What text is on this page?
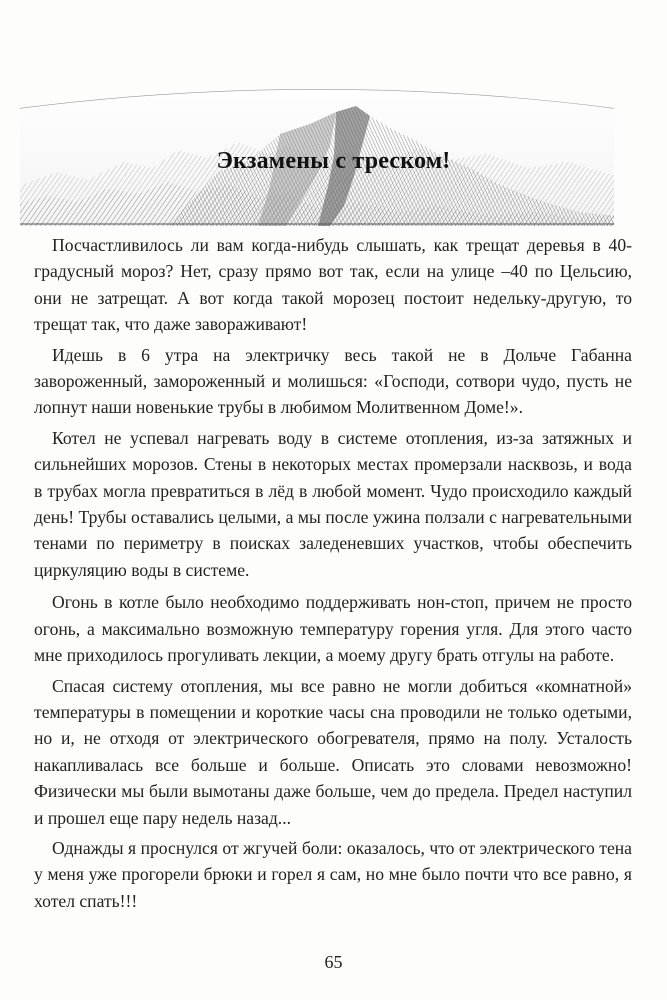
Экзамены с треском!

Посчастливилось ли вам когда-нибудь слышать, как трещат деревья в 40-градусный мороз? Нет, сразу прямо вот так, если на улице –40 по Цельсию, они не затрещат. А вот когда такой морозец постоит недельку-другую, то трещат так, что даже завораживают!

Идешь в 6 утра на электричку весь такой не в Дольче Габанна завороженный, замороженный и молишься: «Господи, сотвори чудо, пусть не лопнут наши новенькие трубы в любимом Молитвенном Доме!».

Котел не успевал нагревать воду в системе отопления, из-за затяжных и сильнейших морозов. Стены в некоторых местах промерзали насквозь, и вода в трубах могла превратиться в лёд в любой момент. Чудо происходило каждый день! Трубы оставались целыми, а мы после ужина ползали с нагревательными тенами по периметру в поисках заледеневших участков, чтобы обеспечить циркуляцию воды в системе.

Огонь в котле было необходимо поддерживать нон-стоп, причем не просто огонь, а максимально возможную температуру горения угля. Для этого часто мне приходилось прогуливать лекции, а моему другу брать отгулы на работе.

Спасая систему отопления, мы все равно не могли добиться «комнатной» температуры в помещении и короткие часы сна проводили не только одетыми, но и, не отходя от электрического обогревателя, прямо на полу. Усталость накапливалась все больше и больше. Описать это словами невозможно! Физически мы были вымотаны даже больше, чем до предела. Предел наступил и прошел еще пару недель назад...

Однажды я проснулся от жгучей боли: оказалось, что от электрического тена у меня уже прогорели брюки и горел я сам, но мне было почти что все равно, я хотел спать!!!

65
